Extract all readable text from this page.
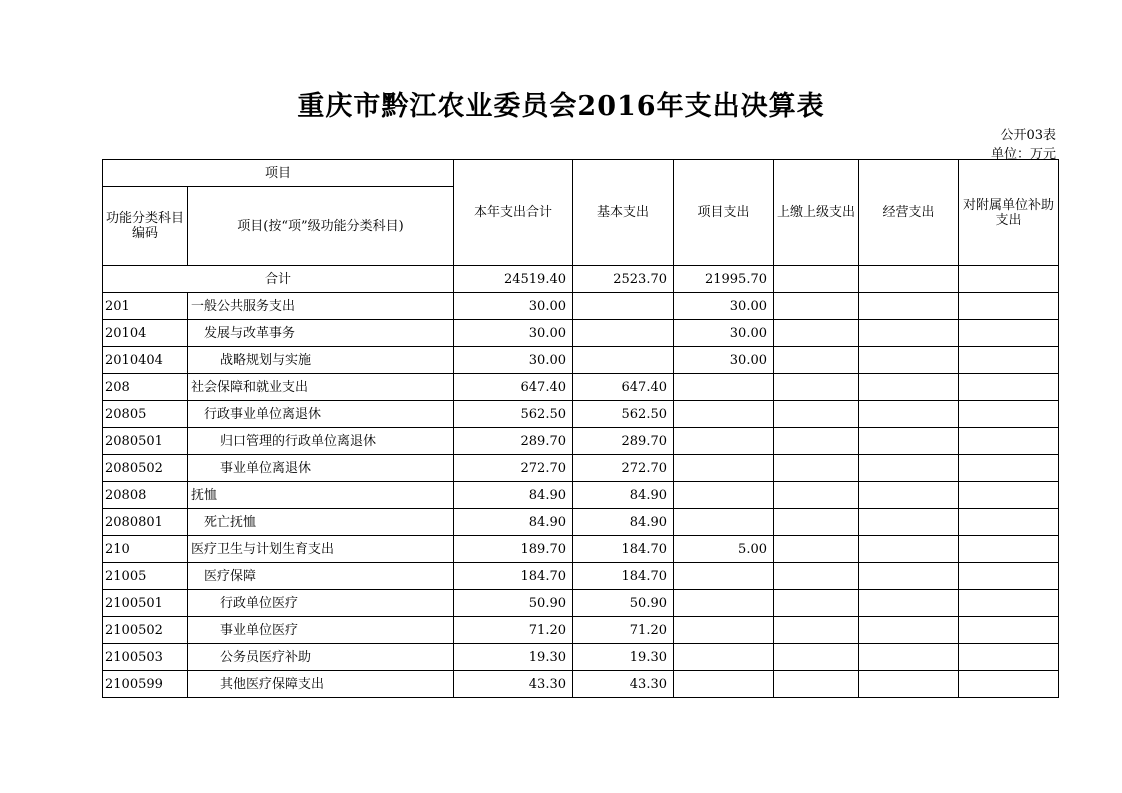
重庆市黔江农业委员会2016年支出决算表
公开03表
单位：万元
项目		本年支出合计	基本支出	项目支出	上缴上级支出	经营支出	对附属单位补助支出
功能分类科目编码	项目(按“项”级功能分类科目)						
合计		24519.40	2523.70	21995.70			
201	一般公共服务支出	30.00		30.00			
20104	发展与改革事务	30.00		30.00			
2010404	战略规划与实施	30.00		30.00			
208	社会保障和就业支出	647.40	647.40				
20805	行政事业单位离退休	562.50	562.50				
2080501	归口管理的行政单位离退休	289.70	289.70				
2080502	事业单位离退休	272.70	272.70				
20808	抚恤	84.90	84.90				
2080801	死亡抚恤	84.90	84.90				
210	医疗卫生与计划生育支出	189.70	184.70	5.00			
21005	医疗保障	184.70	184.70				
2100501	行政单位医疗	50.90	50.90				
2100502	事业单位医疗	71.20	71.20				
2100503	公务员医疗补助	19.30	19.30				
2100599	其他医疗保障支出	43.30	43.30				
